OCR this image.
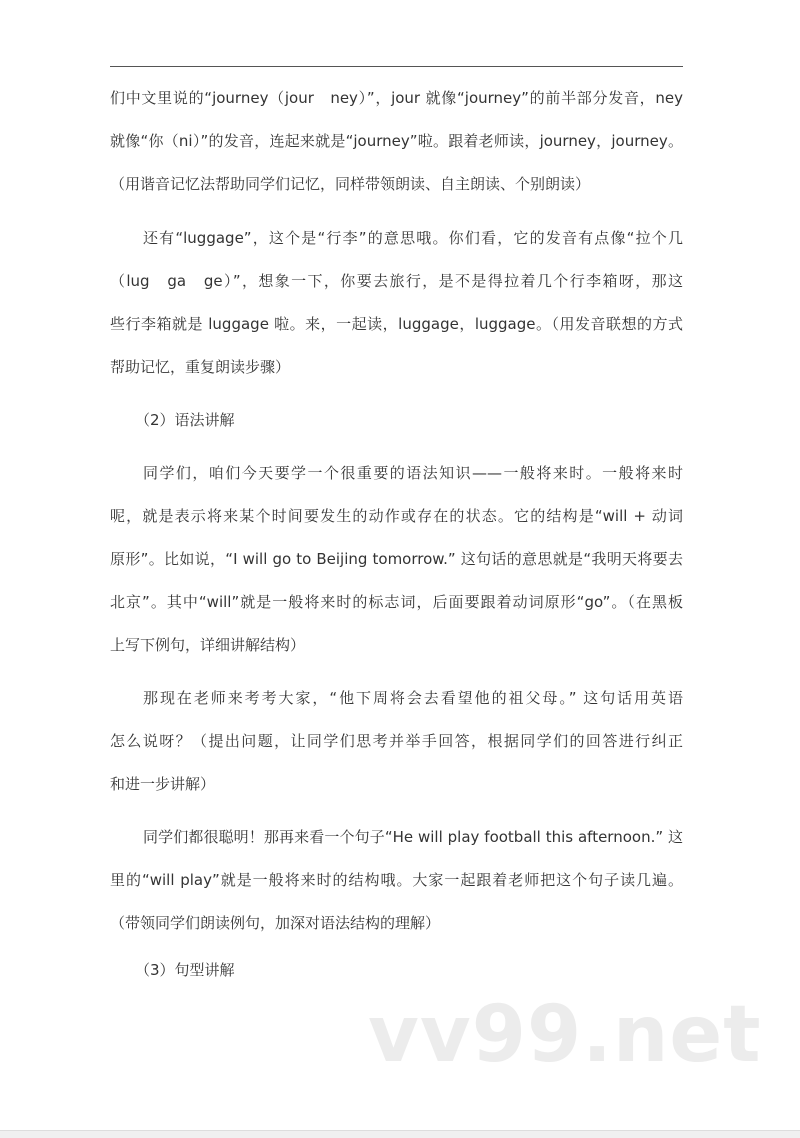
们中文里说的“journey（jour　ney）”，jour 就像“journey”的前半部分发音，ney
就像“你（ni）”的发音，连起来就是“journey”啦。跟着老师读，journey，journey。
（用谐音记忆法帮助同学们记忆，同样带领朗读、自主朗读、个别朗读）
还有“luggage”，这个是“行李”的意思哦。你们看，它的发音有点像“拉个几
（lug　ga　ge）”，想象一下，你要去旅行，是不是得拉着几个行李箱呀，那这
些行李箱就是 luggage 啦。来，一起读，luggage，luggage。（用发音联想的方式
帮助记忆，重复朗读步骤）
（2）语法讲解
同学们，咱们今天要学一个很重要的语法知识——一般将来时。一般将来时
呢，就是表示将来某个时间要发生的动作或存在的状态。它的结构是“will + 动词
原形”。比如说，“I will go to Beijing tomorrow.” 这句话的意思就是“我明天将要去
北京”。其中“will”就是一般将来时的标志词，后面要跟着动词原形“go”。（在黑板
上写下例句，详细讲解结构）
那现在老师来考考大家，“他下周将会去看望他的祖父母。” 这句话用英语
怎么说呀？（提出问题，让同学们思考并举手回答，根据同学们的回答进行纠正
和进一步讲解）
同学们都很聪明！那再来看一个句子“He will play football this afternoon.” 这
里的“will play”就是一般将来时的结构哦。大家一起跟着老师把这个句子读几遍。
（带领同学们朗读例句，加深对语法结构的理解）
（3）句型讲解
vv99.net
